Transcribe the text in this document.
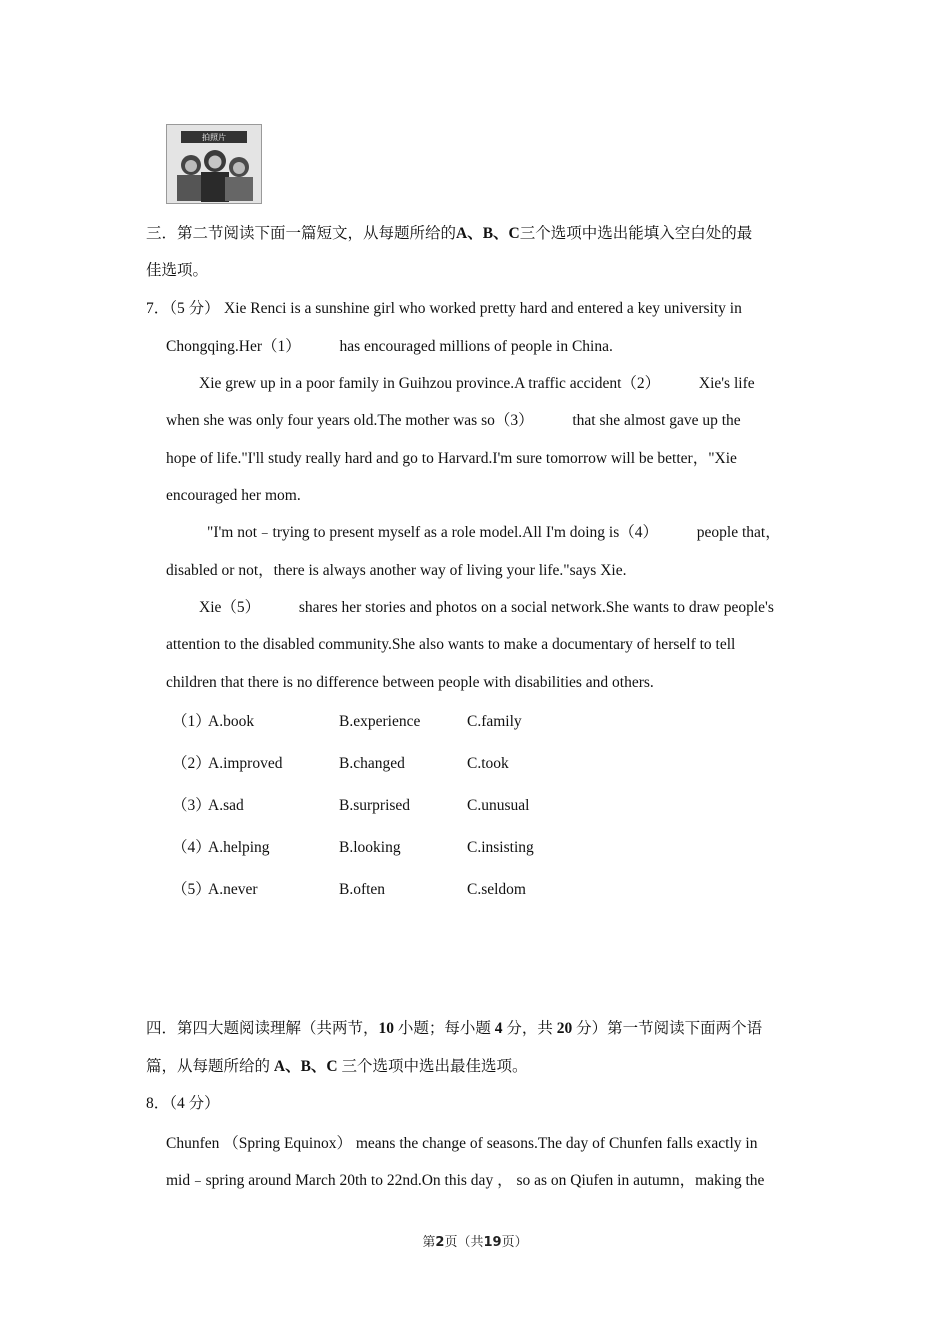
拍照片
三．第二节阅读下面一篇短文，从每题所给的A、B、C三个选项中选出能填入空白处的最
佳选项。
7．（5 分） Xie Renci is a sunshine girl who worked pretty hard and entered a key university in
Chongqing.Her（1）          has encouraged millions of people in China.
Xie grew up in a poor family in Guihzou province.A traffic accident（2）          Xie's life
when she was only four years old.The mother was so（3）          that she almost gave up the
hope of life."I'll study really hard and go to Harvard.I'm sure tomorrow will be better，"Xie
encouraged her mom.
"I'm not﹣trying to present myself as a role model.All I'm doing is（4）          people that，
disabled or not，there is always another way of living your life."says Xie.
Xie（5）          shares her stories and photos on a social network.She wants to draw people's
attention to the disabled community.She also wants to make a documentary of herself to tell
children that there is no difference between people with disabilities and others.
（1）
A.book	B.experience	C.family
（2）
A.improved	B.changed	C.took
（3）
A.sad	B.surprised	C.unusual
（4）
A.helping	B.looking	C.insisting
（5）
A.never	B.often	C.seldom
四．第四大题阅读理解（共两节，10 小题；每小题 4 分，共 20 分）第一节阅读下面两个语
篇，从每题所给的 A、B、C 三个选项中选出最佳选项。
8．（4 分）
Chunfen （Spring Equinox） means the change of seasons.The day of Chunfen falls exactly in
mid﹣spring around March 20th to 22nd.On this day ， so as on Qiufen in autumn，making the
第2页（共19页）
